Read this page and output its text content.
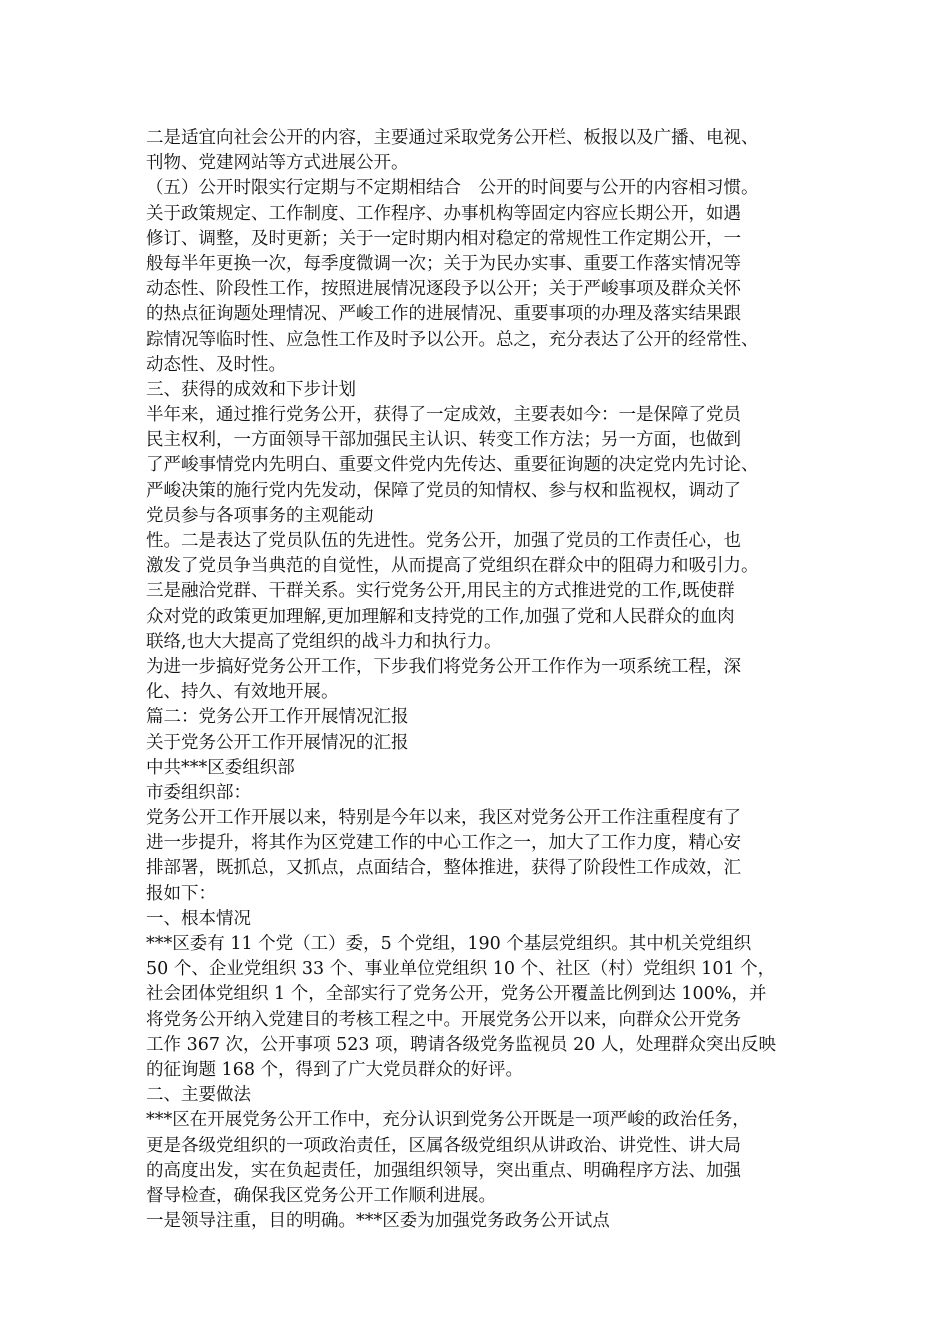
二是适宜向社会公开的内容，主要通过采取党务公开栏、板报以及广播、电视、
刊物、党建网站等方式进展公开。
（五）公开时限实行定期与不定期相结合　公开的时间要与公开的内容相习惯。
关于政策规定、工作制度、工作程序、办事机构等固定内容应长期公开，如遇
修订、调整，及时更新；关于一定时期内相对稳定的常规性工作定期公开，一
般每半年更换一次，每季度微调一次；关于为民办实事、重要工作落实情况等
动态性、阶段性工作，按照进展情况逐段予以公开；关于严峻事项及群众关怀
的热点征询题处理情况、严峻工作的进展情况、重要事项的办理及落实结果跟
踪情况等临时性、应急性工作及时予以公开。总之，充分表达了公开的经常性、
动态性、及时性。
三、获得的成效和下步计划
半年来，通过推行党务公开，获得了一定成效，主要表如今：一是保障了党员
民主权利，一方面领导干部加强民主认识、转变工作方法；另一方面，也做到
了严峻事情党内先明白、重要文件党内先传达、重要征询题的决定党内先讨论、
严峻决策的施行党内先发动，保障了党员的知情权、参与权和监视权，调动了
党员参与各项事务的主观能动
性。二是表达了党员队伍的先进性。党务公开，加强了党员的工作责任心，也
激发了党员争当典范的自觉性，从而提高了党组织在群众中的阻碍力和吸引力。
三是融洽党群、干群关系。实行党务公开,用民主的方式推进党的工作,既使群
众对党的政策更加理解,更加理解和支持党的工作,加强了党和人民群众的血肉
联络,也大大提高了党组织的战斗力和执行力。
为进一步搞好党务公开工作，下步我们将党务公开工作作为一项系统工程，深
化、持久、有效地开展。
篇二：党务公开工作开展情况汇报
关于党务公开工作开展情况的汇报
中共***区委组织部
市委组织部：
党务公开工作开展以来，特别是今年以来，我区对党务公开工作注重程度有了
进一步提升，将其作为区党建工作的中心工作之一，加大了工作力度，精心安
排部署，既抓总，又抓点，点面结合，整体推进，获得了阶段性工作成效，汇
报如下：
一、根本情况
***区委有 11 个党（工）委，5 个党组，190 个基层党组织。其中机关党组织
50 个、企业党组织 33 个、事业单位党组织 10 个、社区（村）党组织 101 个，
社会团体党组织 1 个，全部实行了党务公开，党务公开覆盖比例到达 100%，并
将党务公开纳入党建目的考核工程之中。开展党务公开以来，向群众公开党务
工作 367 次，公开事项 523 项，聘请各级党务监视员 20 人，处理群众突出反映
的征询题 168 个，得到了广大党员群众的好评。
二、主要做法
***区在开展党务公开工作中，充分认识到党务公开既是一项严峻的政治任务，
更是各级党组织的一项政治责任，区属各级党组织从讲政治、讲党性、讲大局
的高度出发，实在负起责任，加强组织领导，突出重点、明确程序方法、加强
督导检查，确保我区党务公开工作顺利进展。
一是领导注重，目的明确。***区委为加强党务政务公开试点
